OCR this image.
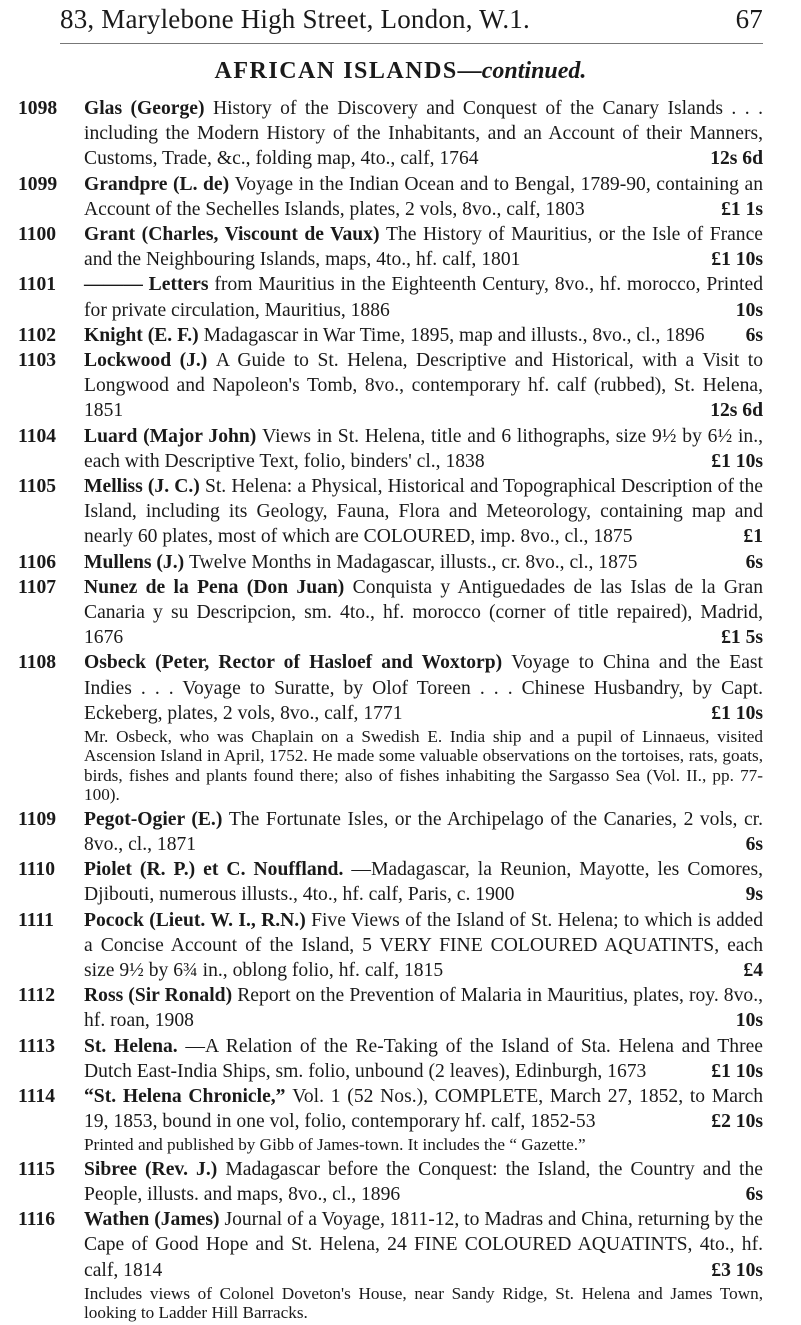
83, Marylebone High Street, London, W.1.	67
AFRICAN ISLANDS—continued.
1098 Glas (George) History of the Discovery and Conquest of the Canary Islands . . . including the Modern History of the Inhabitants, and an Account of their Manners, Customs, Trade, &c., folding map, 4to., calf, 1764	12s 6d
1099 Grandpre (L. de) Voyage in the Indian Ocean and to Bengal, 1789-90, containing an Account of the Sechelles Islands, plates, 2 vols, 8vo., calf, 1803	£1 1s
1100 Grant (Charles, Viscount de Vaux) The History of Mauritius, or the Isle of France and the Neighbouring Islands, maps, 4to., hf. calf, 1801	£1 10s
1101 ——— Letters from Mauritius in the Eighteenth Century, 8vo., hf. morocco, Printed for private circulation, Mauritius, 1886	10s
1102 Knight (E. F.) Madagascar in War Time, 1895, map and illusts., 8vo., cl., 1896	6s
1103 Lockwood (J.) A Guide to St. Helena, Descriptive and Historical, with a Visit to Longwood and Napoleon's Tomb, 8vo., contemporary hf. calf (rubbed), St. Helena, 1851	12s 6d
1104 Luard (Major John) Views in St. Helena, title and 6 lithographs, size 9½ by 6½ in., each with Descriptive Text, folio, binders' cl., 1838	£1 10s
1105 Melliss (J. C.) St. Helena: a Physical, Historical and Topographical Description of the Island, including its Geology, Fauna, Flora and Meteorology, containing map and nearly 60 plates, most of which are COLOURED, imp. 8vo., cl., 1875	£1
1106 Mullens (J.) Twelve Months in Madagascar, illusts., cr. 8vo., cl., 1875	6s
1107 Nunez de la Pena (Don Juan) Conquista y Antiguedades de las Islas de la Gran Canaria y su Descripcion, sm. 4to., hf. morocco (corner of title repaired), Madrid, 1676	£1 5s
1108 Osbeck (Peter, Rector of Hasloef and Woxtorp) Voyage to China and the East Indies . . . Voyage to Suratte, by Olof Toreen . . . Chinese Husbandry, by Capt. Eckeberg, plates, 2 vols, 8vo., calf, 1771	£1 10s
Mr. Osbeck, who was Chaplain on a Swedish E. India ship and a pupil of Linnaeus, visited Ascension Island in April, 1752. He made some valuable observations on the tortoises, rats, goats, birds, fishes and plants found there; also of fishes inhabiting the Sargasso Sea (Vol. II., pp. 77-100).
1109 Pegot-Ogier (E.) The Fortunate Isles, or the Archipelago of the Canaries, 2 vols, cr. 8vo., cl., 1871	6s
1110 Piolet (R. P.) et C. Nouffland. —Madagascar, la Reunion, Mayotte, les Comores, Djibouti, numerous illusts., 4to., hf. calf, Paris, c. 1900	9s
1111 Pocock (Lieut. W. I., R.N.) Five Views of the Island of St. Helena; to which is added a Concise Account of the Island, 5 VERY FINE COLOURED AQUATINTS, each size 9½ by 6¾ in., oblong folio, hf. calf, 1815	£4
1112 Ross (Sir Ronald) Report on the Prevention of Malaria in Mauritius, plates, roy. 8vo., hf. roan, 1908	10s
1113 St. Helena. —A Relation of the Re-Taking of the Island of Sta. Helena and Three Dutch East-India Ships, sm. folio, unbound (2 leaves), Edinburgh, 1673	£1 10s
1114 “St. Helena Chronicle,” Vol. 1 (52 Nos.), COMPLETE, March 27, 1852, to March 19, 1853, bound in one vol, folio, contemporary hf. calf, 1852-53	£2 10s
Printed and published by Gibb of James-town. It includes the “ Gazette.”
1115 Sibree (Rev. J.) Madagascar before the Conquest: the Island, the Country and the People, illusts. and maps, 8vo., cl., 1896	6s
1116 Wathen (James) Journal of a Voyage, 1811-12, to Madras and China, returning by the Cape of Good Hope and St. Helena, 24 FINE COLOURED AQUATINTS, 4to., hf. calf, 1814	£3 10s
Includes views of Colonel Doveton's House, near Sandy Ridge, St. Helena and James Town, looking to Ladder Hill Barracks.
